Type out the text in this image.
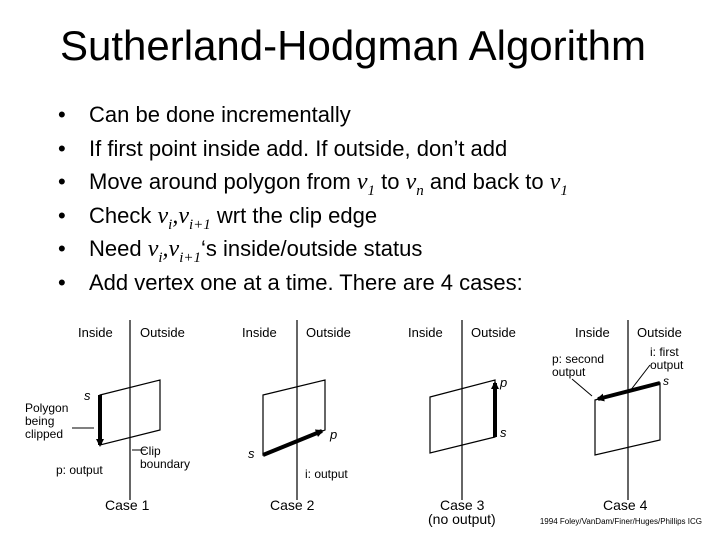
Sutherland-Hodgman Algorithm
• Can be done incrementally
• If first point inside add. If outside, don’t add
• Move around polygon from $v_1$ to $v_n$ and back to $v_1$
• Check $v_i,v_{i+1}$ wrt the clip edge
• Need $v_i,v_{i+1}‘s$ inside/outside status
• Add vertex one at a time. There are 4 cases:
Inside Outside
s
p: output
Polygon being clipped
Clip boundary
Case 1
Inside Outside
s
p
i: output
Case 2
Inside Outside
p
s
Case 3
(no output)
Inside Outside
s
p: second output
i: first output
Case 4
1994 Foley/VanDam/Finer/Huges/Phillips ICG
